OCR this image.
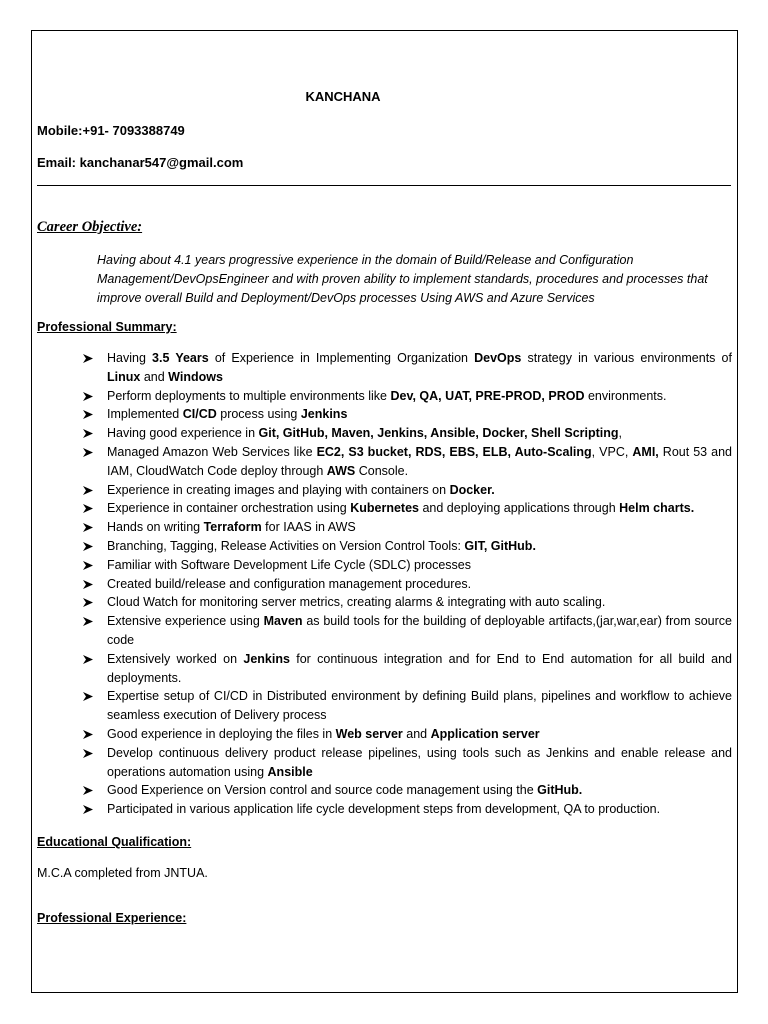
KANCHANA
Mobile:+91- 7093388749
Email: kanchanar547@gmail.com
Career Objective:
Having about 4.1 years progressive experience in the domain of Build/Release and Configuration Management/DevOpsEngineer and with proven ability to implement standards, procedures and processes that improve overall Build and Deployment/DevOps processes Using AWS and Azure Services
Professional Summary:
Having 3.5 Years of Experience in Implementing Organization DevOps strategy in various environments of Linux and Windows
Perform deployments to multiple environments like Dev, QA, UAT, PRE-PROD, PROD environments.
Implemented CI/CD process using Jenkins
Having good experience in Git, GitHub, Maven, Jenkins, Ansible, Docker, Shell Scripting,
Managed Amazon Web Services like EC2, S3 bucket, RDS, EBS, ELB, Auto-Scaling, VPC, AMI, Rout 53 and IAM, CloudWatch Code deploy through AWS Console.
Experience in creating images and playing with containers on Docker.
Experience in container orchestration using Kubernetes and deploying applications through Helm charts.
Hands on writing Terraform for IAAS in AWS
Branching, Tagging, Release Activities on Version Control Tools: GIT, GitHub.
Familiar with Software Development Life Cycle (SDLC) processes
Created build/release and configuration management procedures.
Cloud Watch for monitoring server metrics, creating alarms & integrating with auto scaling.
Extensive experience using Maven as build tools for the building of deployable artifacts,(jar,war,ear) from source code
Extensively worked on Jenkins for continuous integration and for End to End automation for all build and deployments.
Expertise setup of CI/CD in Distributed environment by defining Build plans, pipelines and workflow to achieve seamless execution of Delivery process
Good experience in deploying the files in Web server and Application server
Develop continuous delivery product release pipelines, using tools such as Jenkins and enable release and operations automation using Ansible
Good Experience on Version control and source code management using the GitHub.
Participated in various application life cycle development steps from development, QA to production.
Educational Qualification:
M.C.A completed from JNTUA.
Professional Experience:
